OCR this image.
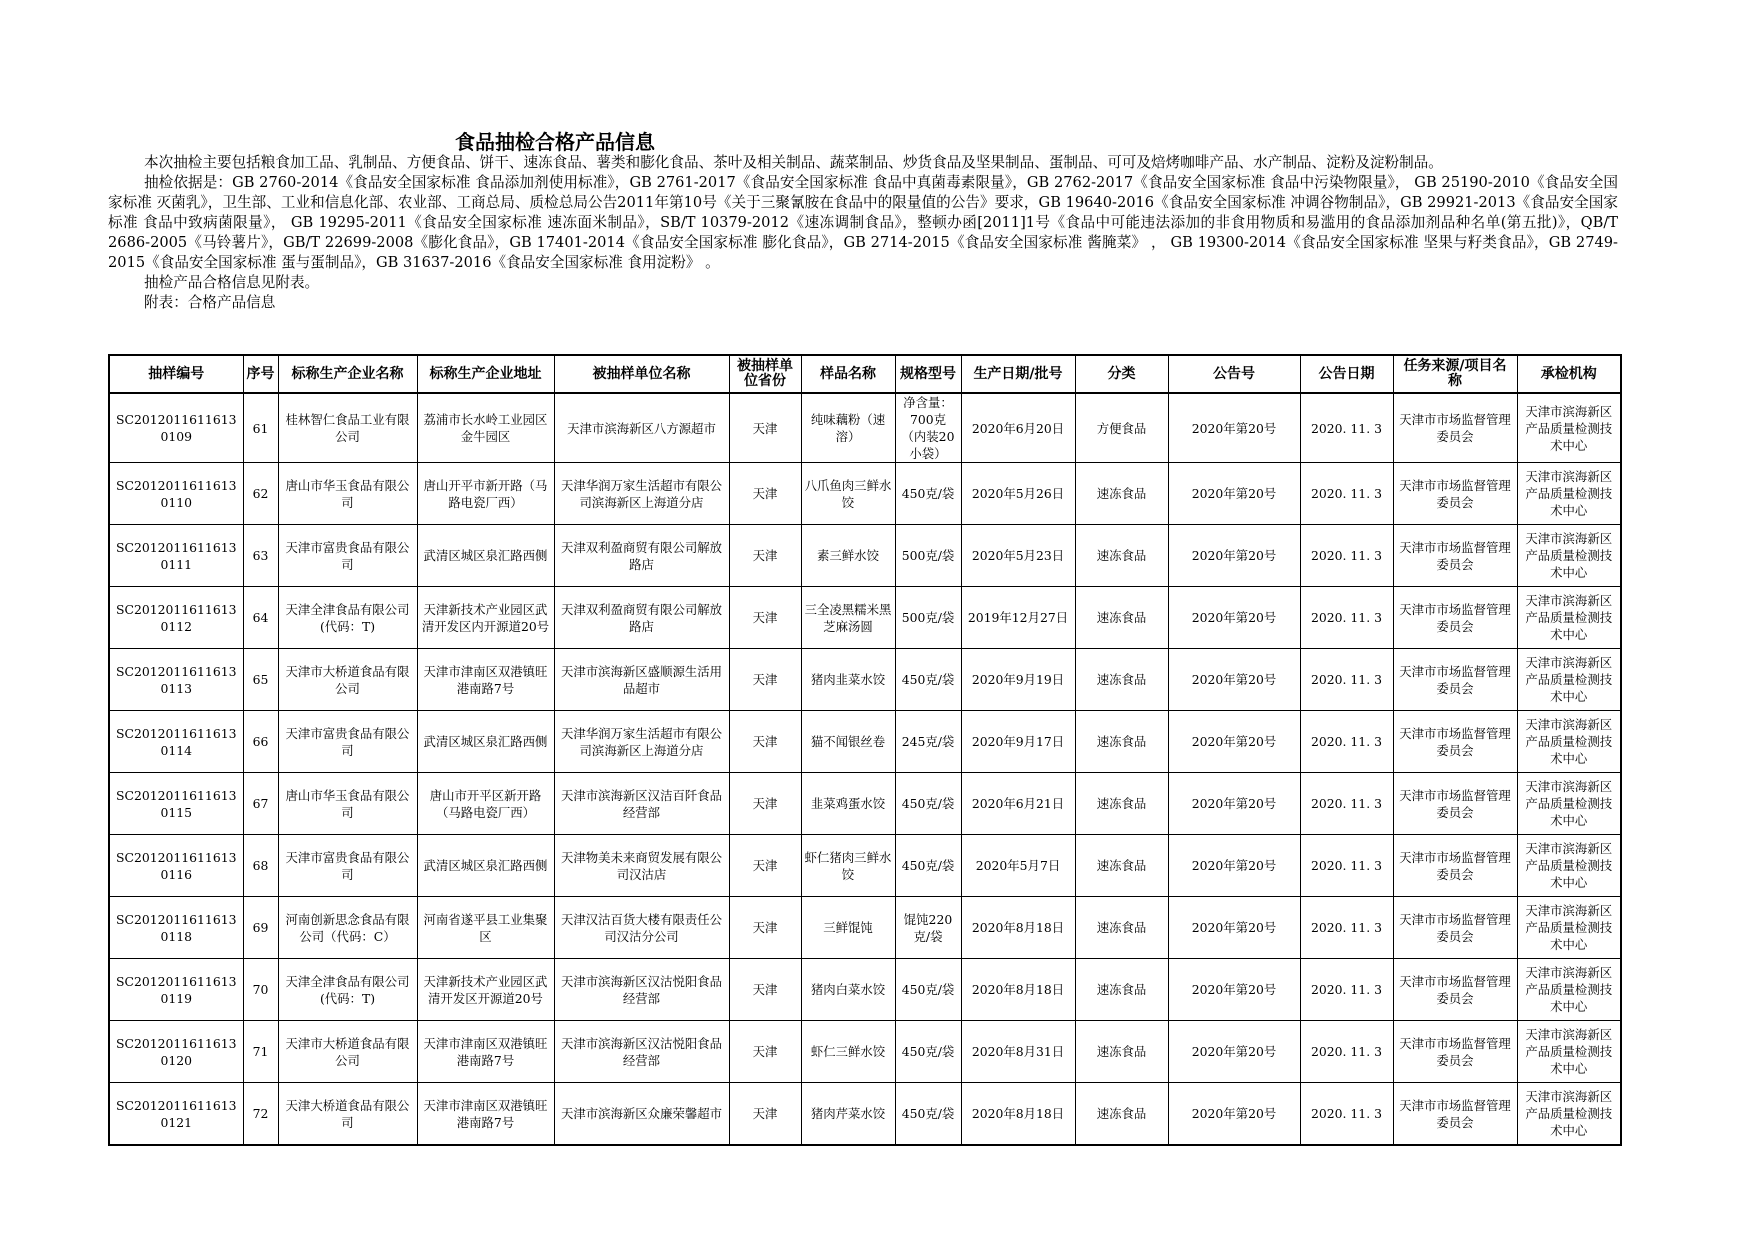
食品抽检合格产品信息

本次抽检主要包括粮食加工品、乳制品、方便食品、饼干、速冻食品、薯类和膨化食品、茶叶及相关制品、蔬菜制品、炒货食品及坚果制品、蛋制品、可可及焙烤咖啡产品、水产制品、淀粉及淀粉制品。

抽检依据是：GB 2760-2014《食品安全国家标准 食品添加剂使用标准》，GB 2761-2017《食品安全国家标准 食品中真菌毒素限量》，GB 2762-2017《食品安全国家标准 食品中污染物限量》， GB 25190-2010《食品安全国家标准 灭菌乳》，卫生部、工业和信息化部、农业部、工商总局、质检总局公告2011年第10号《关于三聚氰胺在食品中的限量值的公告》要求，GB 19640-2016《食品安全国家标准 冲调谷物制品》，GB 29921-2013《食品安全国家标准 食品中致病菌限量》， GB 19295-2011《食品安全国家标准 速冻面米制品》，SB/T 10379-2012《速冻调制食品》，整顿办函[2011]1号《食品中可能违法添加的非食用物质和易滥用的食品添加剂品种名单(第五批)》，QB/T 2686-2005《马铃薯片》，GB/T 22699-2008《膨化食品》，GB 17401-2014《食品安全国家标准 膨化食品》，GB 2714-2015《食品安全国家标准 酱腌菜》 ， GB 19300-2014《食品安全国家标准 坚果与籽类食品》，GB 2749-2015《食品安全国家标准 蛋与蛋制品》，GB 31637-2016《食品安全国家标准 食用淀粉》 。

抽检产品合格信息见附表。

附表：合格产品信息

抽样编号	序号	标称生产企业名称	标称生产企业地址	被抽样单位名称	被抽样单位省份	样品名称	规格型号	生产日期/批号	分类	公告号	公告日期	任务来源/项目名称	承检机构
SC20120116116130109	61	桂林智仁食品工业有限公司	荔浦市长水岭工业园区金牛园区	天津市滨海新区八方源超市	天津	纯味藕粉（速溶）	净含量：700克（内装20小袋）	2020年6月20日	方便食品	2020年第20号	2020. 11. 3	天津市市场监督管理委员会	天津市滨海新区产品质量检测技术中心
SC20120116116130110	62	唐山市华玉食品有限公司	唐山开平市新开路（马路电瓷厂西）	天津华润万家生活超市有限公司滨海新区上海道分店	天津	八爪鱼肉三鲜水饺	450克/袋	2020年5月26日	速冻食品	2020年第20号	2020. 11. 3	天津市市场监督管理委员会	天津市滨海新区产品质量检测技术中心
SC20120116116130111	63	天津市富贵食品有限公司	武清区城区泉汇路西侧	天津双利盈商贸有限公司解放路店	天津	素三鲜水饺	500克/袋	2020年5月23日	速冻食品	2020年第20号	2020. 11. 3	天津市市场监督管理委员会	天津市滨海新区产品质量检测技术中心
SC20120116116130112	64	天津全津食品有限公司(代码：T)	天津新技术产业园区武清开发区内开源道20号	天津双利盈商贸有限公司解放路店	天津	三全凌黑糯米黑芝麻汤圆	500克/袋	2019年12月27日	速冻食品	2020年第20号	2020. 11. 3	天津市市场监督管理委员会	天津市滨海新区产品质量检测技术中心
SC20120116116130113	65	天津市大桥道食品有限公司	天津市津南区双港镇旺港南路7号	天津市滨海新区盛顺源生活用品超市	天津	猪肉韭菜水饺	450克/袋	2020年9月19日	速冻食品	2020年第20号	2020. 11. 3	天津市市场监督管理委员会	天津市滨海新区产品质量检测技术中心
SC20120116116130114	66	天津市富贵食品有限公司	武清区城区泉汇路西侧	天津华润万家生活超市有限公司滨海新区上海道分店	天津	猫不闻银丝卷	245克/袋	2020年9月17日	速冻食品	2020年第20号	2020. 11. 3	天津市市场监督管理委员会	天津市滨海新区产品质量检测技术中心
SC20120116116130115	67	唐山市华玉食品有限公司	唐山市开平区新开路（马路电瓷厂西）	天津市滨海新区汉洁百阡食品经营部	天津	韭菜鸡蛋水饺	450克/袋	2020年6月21日	速冻食品	2020年第20号	2020. 11. 3	天津市市场监督管理委员会	天津市滨海新区产品质量检测技术中心
SC20120116116130116	68	天津市富贵食品有限公司	武清区城区泉汇路西侧	天津物美未来商贸发展有限公司汉沽店	天津	虾仁猪肉三鲜水饺	450克/袋	2020年5月7日	速冻食品	2020年第20号	2020. 11. 3	天津市市场监督管理委员会	天津市滨海新区产品质量检测技术中心
SC20120116116130118	69	河南创新思念食品有限公司（代码：C）	河南省遂平县工业集聚区	天津汉沽百货大楼有限责任公司汉沽分公司	天津	三鲜馄饨	馄饨220克/袋	2020年8月18日	速冻食品	2020年第20号	2020. 11. 3	天津市市场监督管理委员会	天津市滨海新区产品质量检测技术中心
SC20120116116130119	70	天津全津食品有限公司(代码：T)	天津新技术产业园区武清开发区开源道20号	天津市滨海新区汉沽悦阳食品经营部	天津	猪肉白菜水饺	450克/袋	2020年8月18日	速冻食品	2020年第20号	2020. 11. 3	天津市市场监督管理委员会	天津市滨海新区产品质量检测技术中心
SC20120116116130120	71	天津市大桥道食品有限公司	天津市津南区双港镇旺港南路7号	天津市滨海新区汉沽悦阳食品经营部	天津	虾仁三鲜水饺	450克/袋	2020年8月31日	速冻食品	2020年第20号	2020. 11. 3	天津市市场监督管理委员会	天津市滨海新区产品质量检测技术中心
SC20120116116130121	72	天津大桥道食品有限公司	天津市津南区双港镇旺港南路7号	天津市滨海新区众廉荣馨超市	天津	猪肉芹菜水饺	450克/袋	2020年8月18日	速冻食品	2020年第20号	2020. 11. 3	天津市市场监督管理委员会	天津市滨海新区产品质量检测技术中心
